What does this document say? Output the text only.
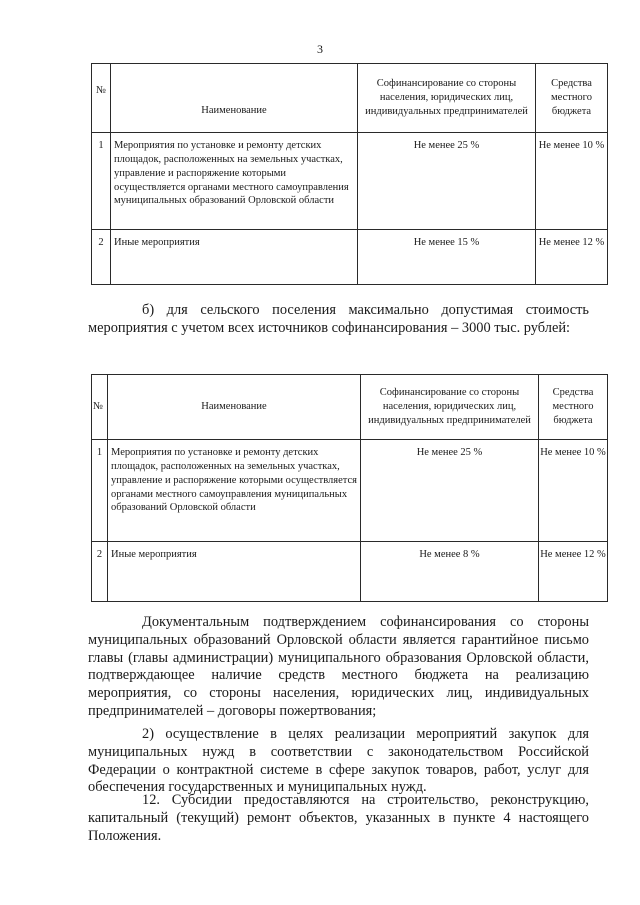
3
№	Наименование	Софинансирование со стороны населения, юридических лиц, индивидуальных предпринимателей	Средства местного бюджета
1	Мероприятия по установке и ремонту детских площадок, расположенных на земельных участках, управление и распоряжение которыми осуществляется органами местного самоуправления муниципальных образований Орловской области	Не менее 25 %	Не менее 10 %
2	Иные мероприятия	Не менее 15 %	Не менее 12 %

б) для сельского поселения максимально допустимая стоимость мероприятия с учетом всех источников софинансирования – 3000 тыс. рублей:

№	Наименование	Софинансирование со стороны населения, юридических лиц, индивидуальных предпринимателей	Средства местного бюджета
1	Мероприятия по установке и ремонту детских площадок, расположенных на земельных участках, управление и распоряжение которыми осуществляется органами местного самоуправления муниципальных образований Орловской области	Не менее 25 %	Не менее 10 %
2	Иные мероприятия	Не менее 8 %	Не менее 12 %

Документальным подтверждением софинансирования со стороны муниципальных образований Орловской области является гарантийное письмо главы (главы администрации) муниципального образования Орловской области, подтверждающее наличие средств местного бюджета на реализацию мероприятия, со стороны населения, юридических лиц, индивидуальных предпринимателей – договоры пожертвования;

2) осуществление в целях реализации мероприятий закупок для муниципальных нужд в соответствии с законодательством Российской Федерации о контрактной системе в сфере закупок товаров, работ, услуг для обеспечения государственных и муниципальных нужд.

12. Субсидии предоставляются на строительство, реконструкцию, капитальный (текущий) ремонт объектов, указанных в пункте 4 настоящего Положения.
